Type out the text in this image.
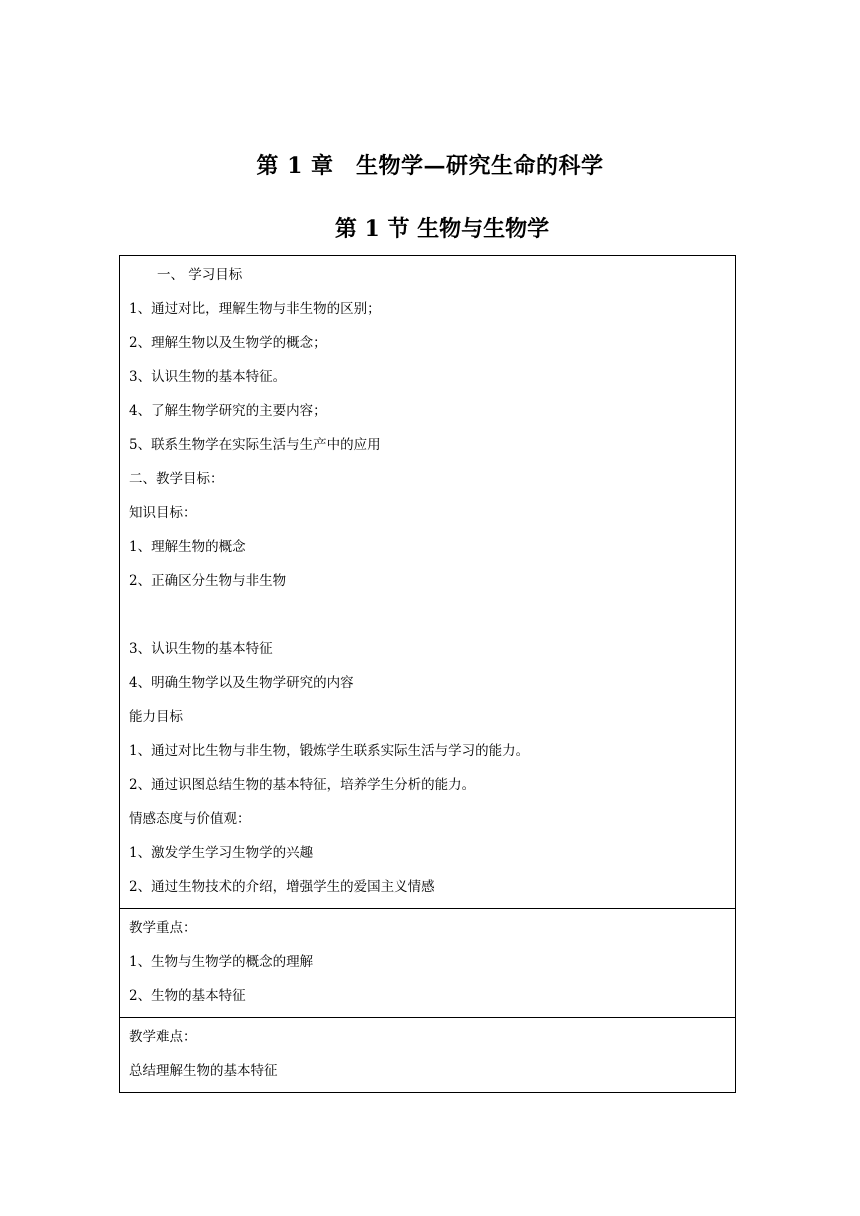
第 1 章　生物学—研究生命的科学
第 1 节 生物与生物学
一、 学习目标
1、通过对比，理解生物与非生物的区别；
2、理解生物以及生物学的概念；
3、认识生物的基本特征。
4、了解生物学研究的主要内容；
5、联系生物学在实际生活与生产中的应用
二、教学目标：
知识目标：
1、理解生物的概念
2、正确区分生物与非生物
3、认识生物的基本特征
4、明确生物学以及生物学研究的内容
能力目标
1、通过对比生物与非生物，锻炼学生联系实际生活与学习的能力。
2、通过识图总结生物的基本特征，培养学生分析的能力。
情感态度与价值观：
1、激发学生学习生物学的兴趣
2、通过生物技术的介绍，增强学生的爱国主义情感
教学重点：
1、生物与生物学的概念的理解
2、生物的基本特征
教学难点：
总结理解生物的基本特征
